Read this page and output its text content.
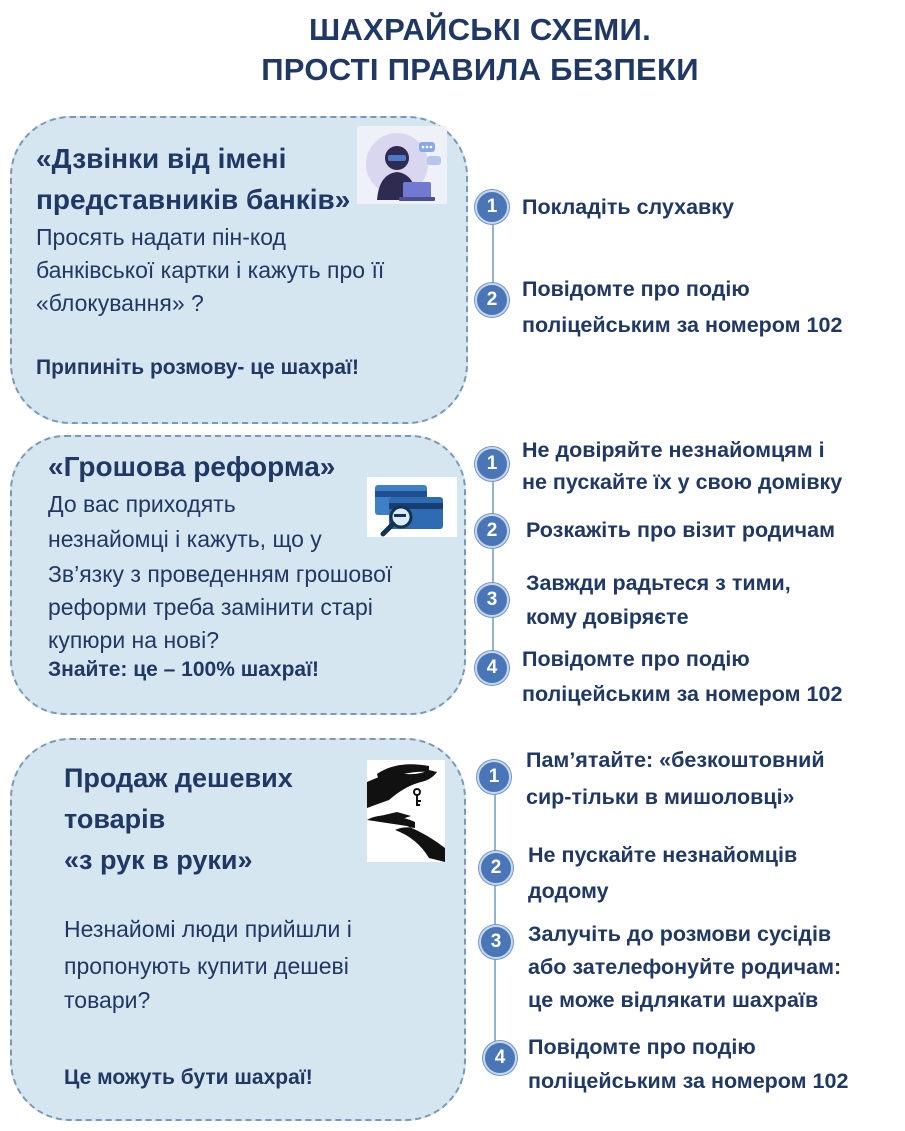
ШАХРАЙСЬКІ СХЕМИ.
ПРОСТІ ПРАВИЛА БЕЗПЕКИ
«Дзвінки від імені
представників банків»
Просять надати пін-код
банківської картки і кажуть про її
«блокування» ?
Припиніть розмову- це шахраї!
1	Покладіть слухавку
2	Повідомте про подію
поліцейським за номером 102
«Грошова реформа»
До вас приходять
незнайомці і кажуть, що у
Зв’язку з проведенням грошової
реформи треба замінити старі
купюри на нові?
Знайте: це – 100% шахраї!
1
Не довіряйте незнайомцям і
не пускайте їх у свою домівку
2	Розкажіть про візит родичам
3
Завжди радьтеся з тими,
кому довіряєте
4	Повідомте про подію
поліцейським за номером 102
Продаж дешевих
товарів
«з рук в руки»
Незнайомі люди прийшли і
пропонують купити дешеві
товари?
Це можуть бути шахраї!
1
Пам’ятайте: «безкоштовний
сир-тільки в мишоловці»
2
Не пускайте незнайомців
додому
3	Залучіть до розмови сусідів
або зателефонуйте родичам:
це може відлякати шахраїв
4	Повідомте про подію
поліцейським за номером 102
